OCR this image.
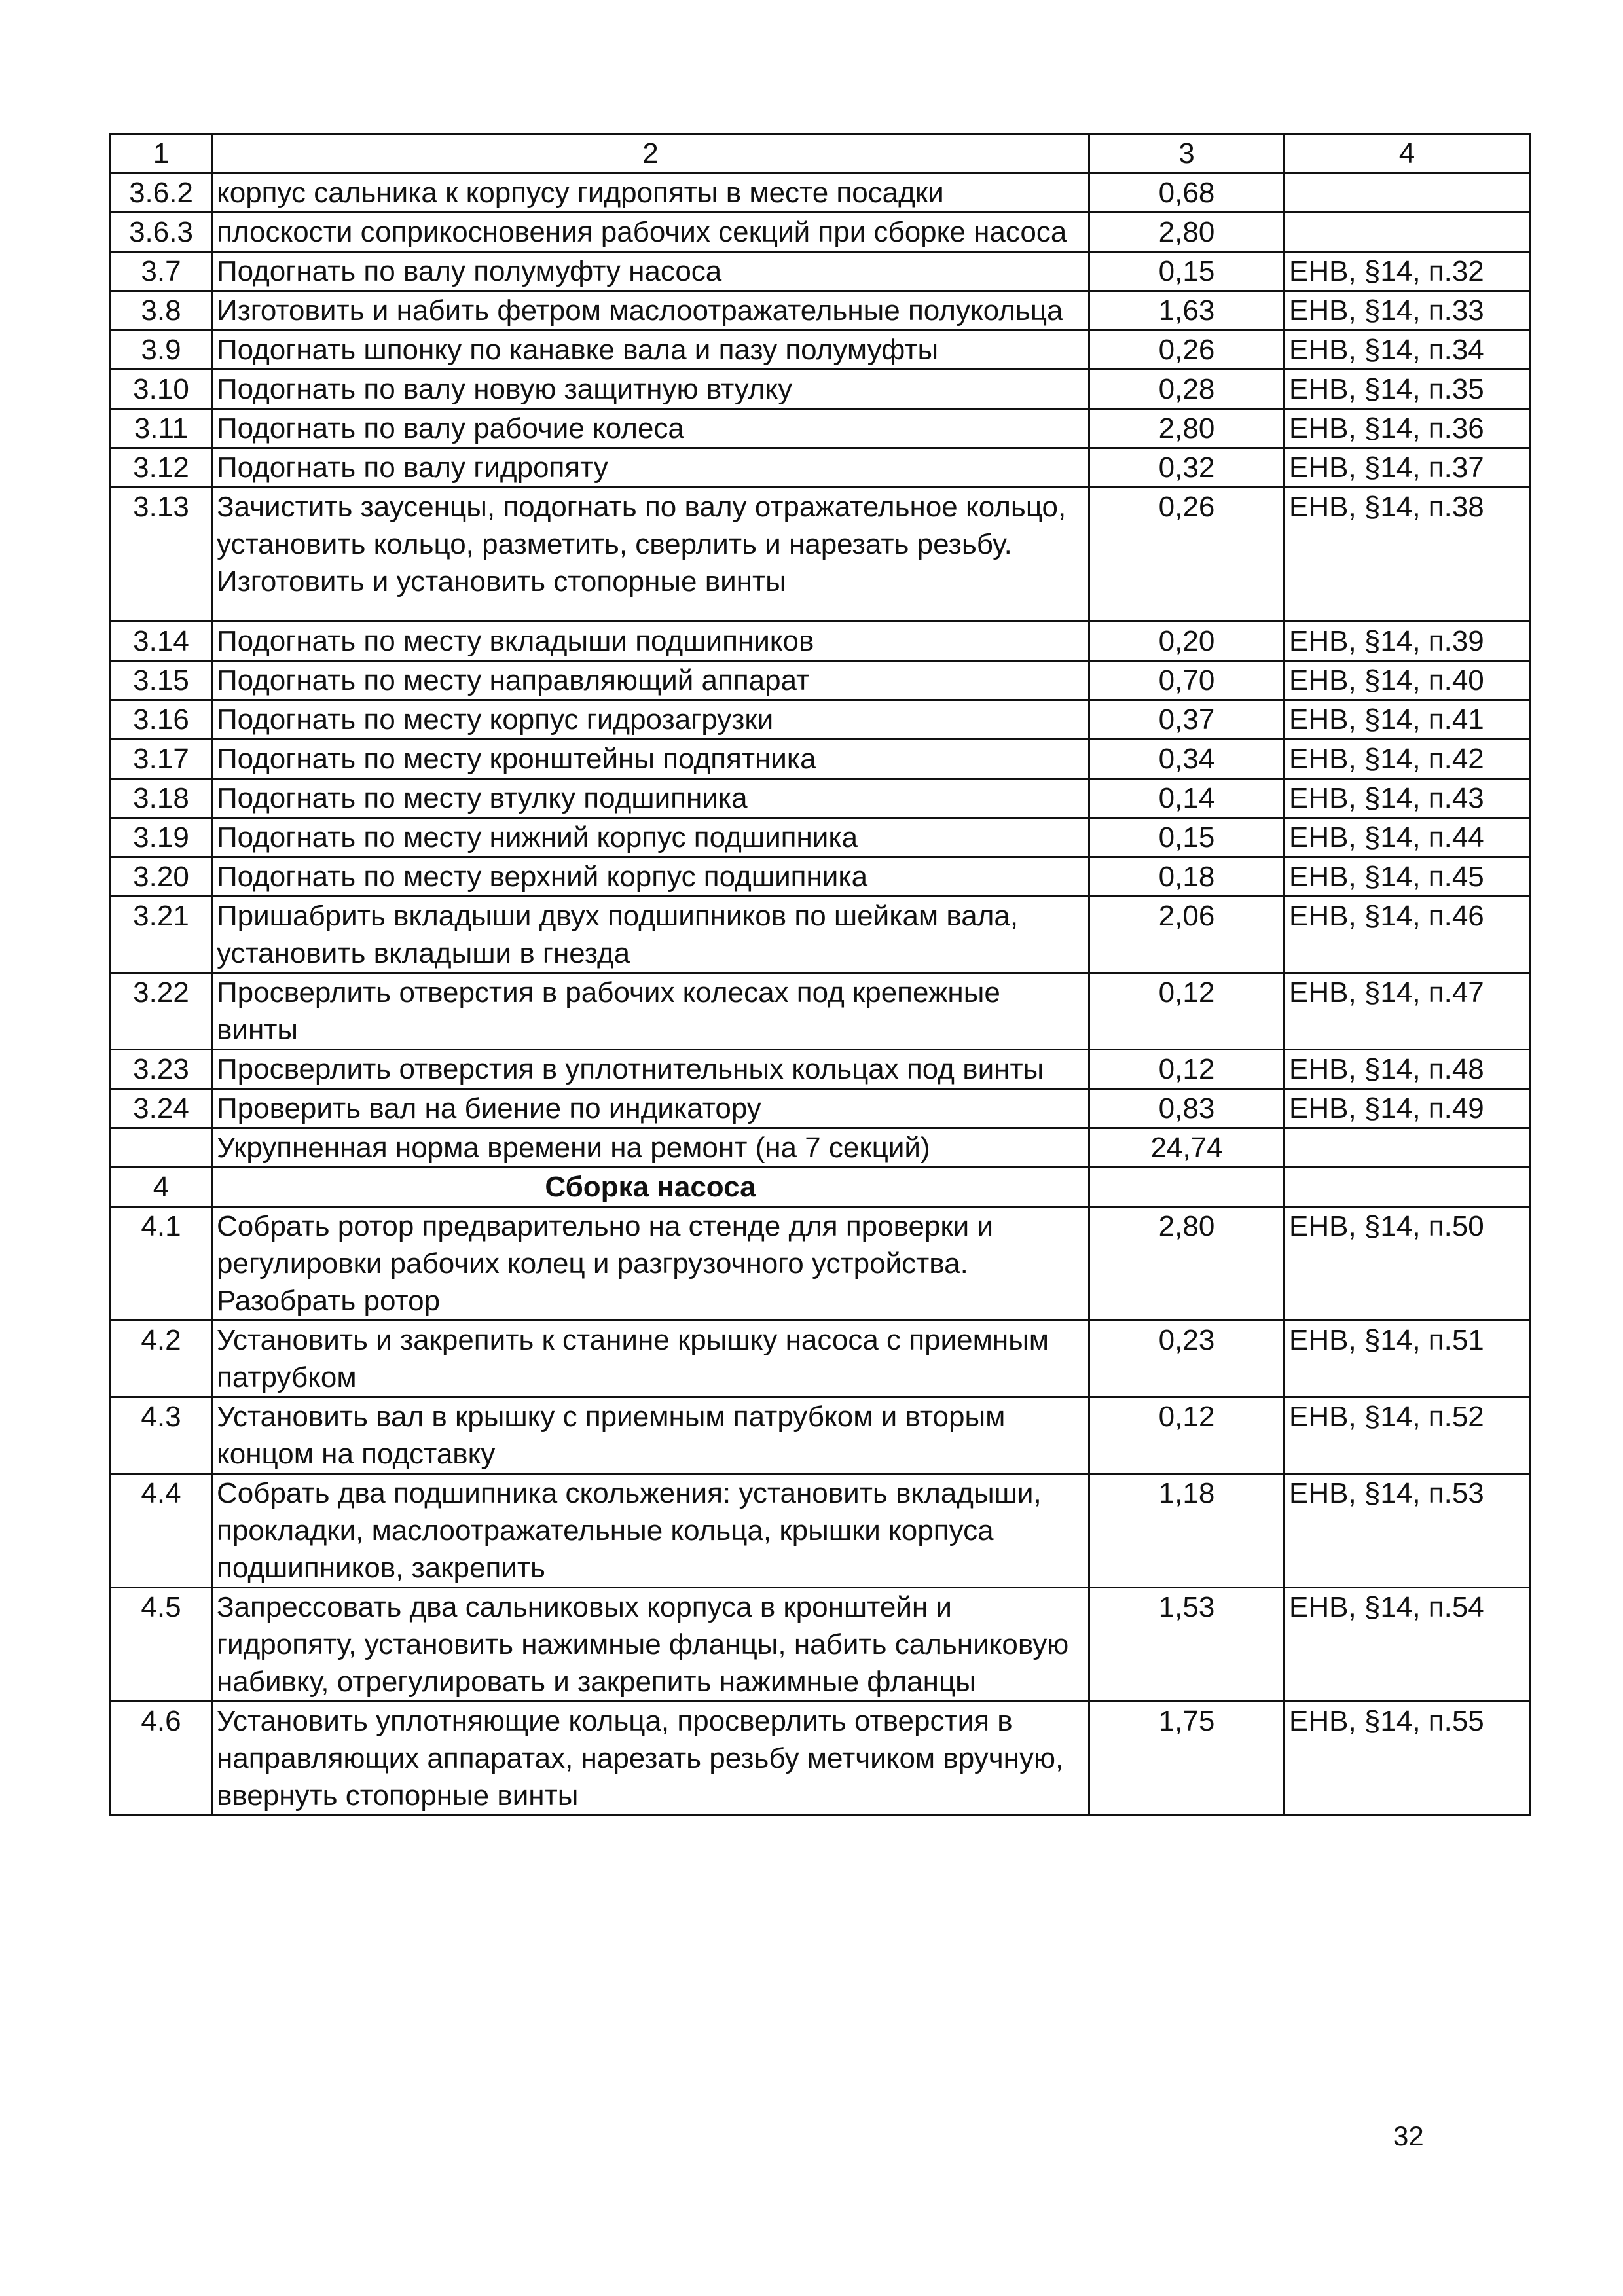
1	2	3	4
3.6.2	корпус сальника к корпусу гидропяты в месте посадки	0,68	
3.6.3	плоскости соприкосновения рабочих секций при сборке насоса	2,80	
3.7	Подогнать по валу полумуфту насоса	0,15	ЕНВ, §14, п.32
3.8	Изготовить и набить фетром маслоотражательные полукольца	1,63	ЕНВ, §14, п.33
3.9	Подогнать шпонку по канавке вала и пазу полумуфты	0,26	ЕНВ, §14, п.34
3.10	Подогнать по валу новую защитную втулку	0,28	ЕНВ, §14, п.35
3.11	Подогнать по валу рабочие колеса	2,80	ЕНВ, §14, п.36
3.12	Подогнать по валу гидропяту	0,32	ЕНВ, §14, п.37
3.13	Зачистить заусенцы, подогнать по валу отражательное кольцо, установить кольцо, разметить, сверлить и нарезать резьбу. Изготовить и установить стопорные винты	0,26	ЕНВ, §14, п.38
3.14	Подогнать по месту вкладыши подшипников	0,20	ЕНВ, §14, п.39
3.15	Подогнать по месту направляющий аппарат	0,70	ЕНВ, §14, п.40
3.16	Подогнать по месту корпус гидрозагрузки	0,37	ЕНВ, §14, п.41
3.17	Подогнать по месту кронштейны подпятника	0,34	ЕНВ, §14, п.42
3.18	Подогнать по месту втулку подшипника	0,14	ЕНВ, §14, п.43
3.19	Подогнать по месту нижний корпус подшипника	0,15	ЕНВ, §14, п.44
3.20	Подогнать по месту верхний корпус подшипника	0,18	ЕНВ, §14, п.45
3.21	Пришабрить вкладыши двух подшипников по шейкам вала, установить вкладыши в гнезда	2,06	ЕНВ, §14, п.46
3.22	Просверлить отверстия в рабочих колесах под крепежные винты	0,12	ЕНВ, §14, п.47
3.23	Просверлить отверстия в уплотнительных кольцах под винты	0,12	ЕНВ, §14, п.48
3.24	Проверить вал на биение по индикатору	0,83	ЕНВ, §14, п.49
	Укрупненная норма времени на ремонт (на 7 секций)	24,74	
4	Сборка насоса		
4.1	Собрать ротор предварительно на стенде для проверки и регулировки рабочих колец и разгрузочного устройства. Разобрать ротор	2,80	ЕНВ, §14, п.50
4.2	Установить и закрепить к станине крышку насоса с приемным патрубком	0,23	ЕНВ, §14, п.51
4.3	Установить вал в крышку с приемным патрубком и вторым концом на подставку	0,12	ЕНВ, §14, п.52
4.4	Собрать два подшипника скольжения: установить вкладыши, прокладки, маслоотражательные кольца, крышки корпуса подшипников, закрепить	1,18	ЕНВ, §14, п.53
4.5	Запрессовать два сальниковых корпуса в кронштейн и гидропяту, установить нажимные фланцы, набить сальниковую набивку, отрегулировать и закрепить нажимные фланцы	1,53	ЕНВ, §14, п.54
4.6	Установить уплотняющие кольца, просверлить отверстия в направляющих аппаратах, нарезать резьбу метчиком вручную, ввернуть стопорные винты	1,75	ЕНВ, §14, п.55
32
